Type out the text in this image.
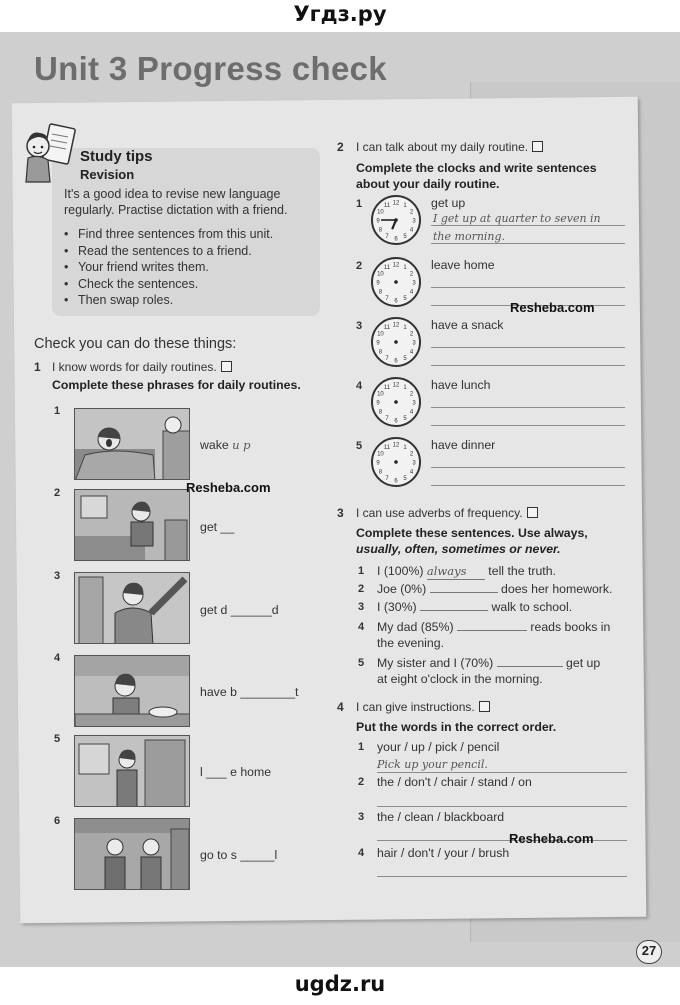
Угдз.ру
Unit 3 Progress check
Study tips
Revision
It's a good idea to revise new language regularly. Practise dictation with a friend.
• Find three sentences from this unit.
• Read the sentences to a friend.
• Your friend writes them.
• Check the sentences.
• Then swap roles.
Check you can do these things:
1 I know words for daily routines.
Complete these phrases for daily routines.
1
wake u p
2	Resheba.com
get __
3
get d ______d
4
have b ________t
5
l ___ e home
6
go to s _____l
2 I can talk about my daily routine.
Complete the clocks and write sentences
about your daily routine.
1	1
2
3
4
5
6
7
8
9
10
11 12	get up
I get up at quarter to seven in
the morning.
2	1
2
3
4
5
6
7
8
9
10
11 12	leave home
3	1
2
3
4
5
6
7
8
9
10
11 12	have a snack
4	1
2
3
4
5
6
7
8
9
10
11 12	have lunch
5	1
2
3
4
5
6
7
8
9
10
11 12	have dinner
Resheba.com
3 I can use adverbs of frequency.
Complete these sentences. Use always,
usually, often, sometimes or never.
1 I (100%) always tell the truth.
2 Joe (0%)	does her homework.
3 I (30%)	walk to school.
4 My dad (85%)	reads books in
the evening.
5 My sister and I (70%)	get up
at eight o'clock in the morning.
4 I can give instructions.
Put the words in the correct order.
1 your / up / pick / pencil
Pick up your pencil.
2 the / don't / chair / stand / on
3 the / clean / blackboard
Resheba.com
4 hair / don't / your / brush
27
ugdz.ru
